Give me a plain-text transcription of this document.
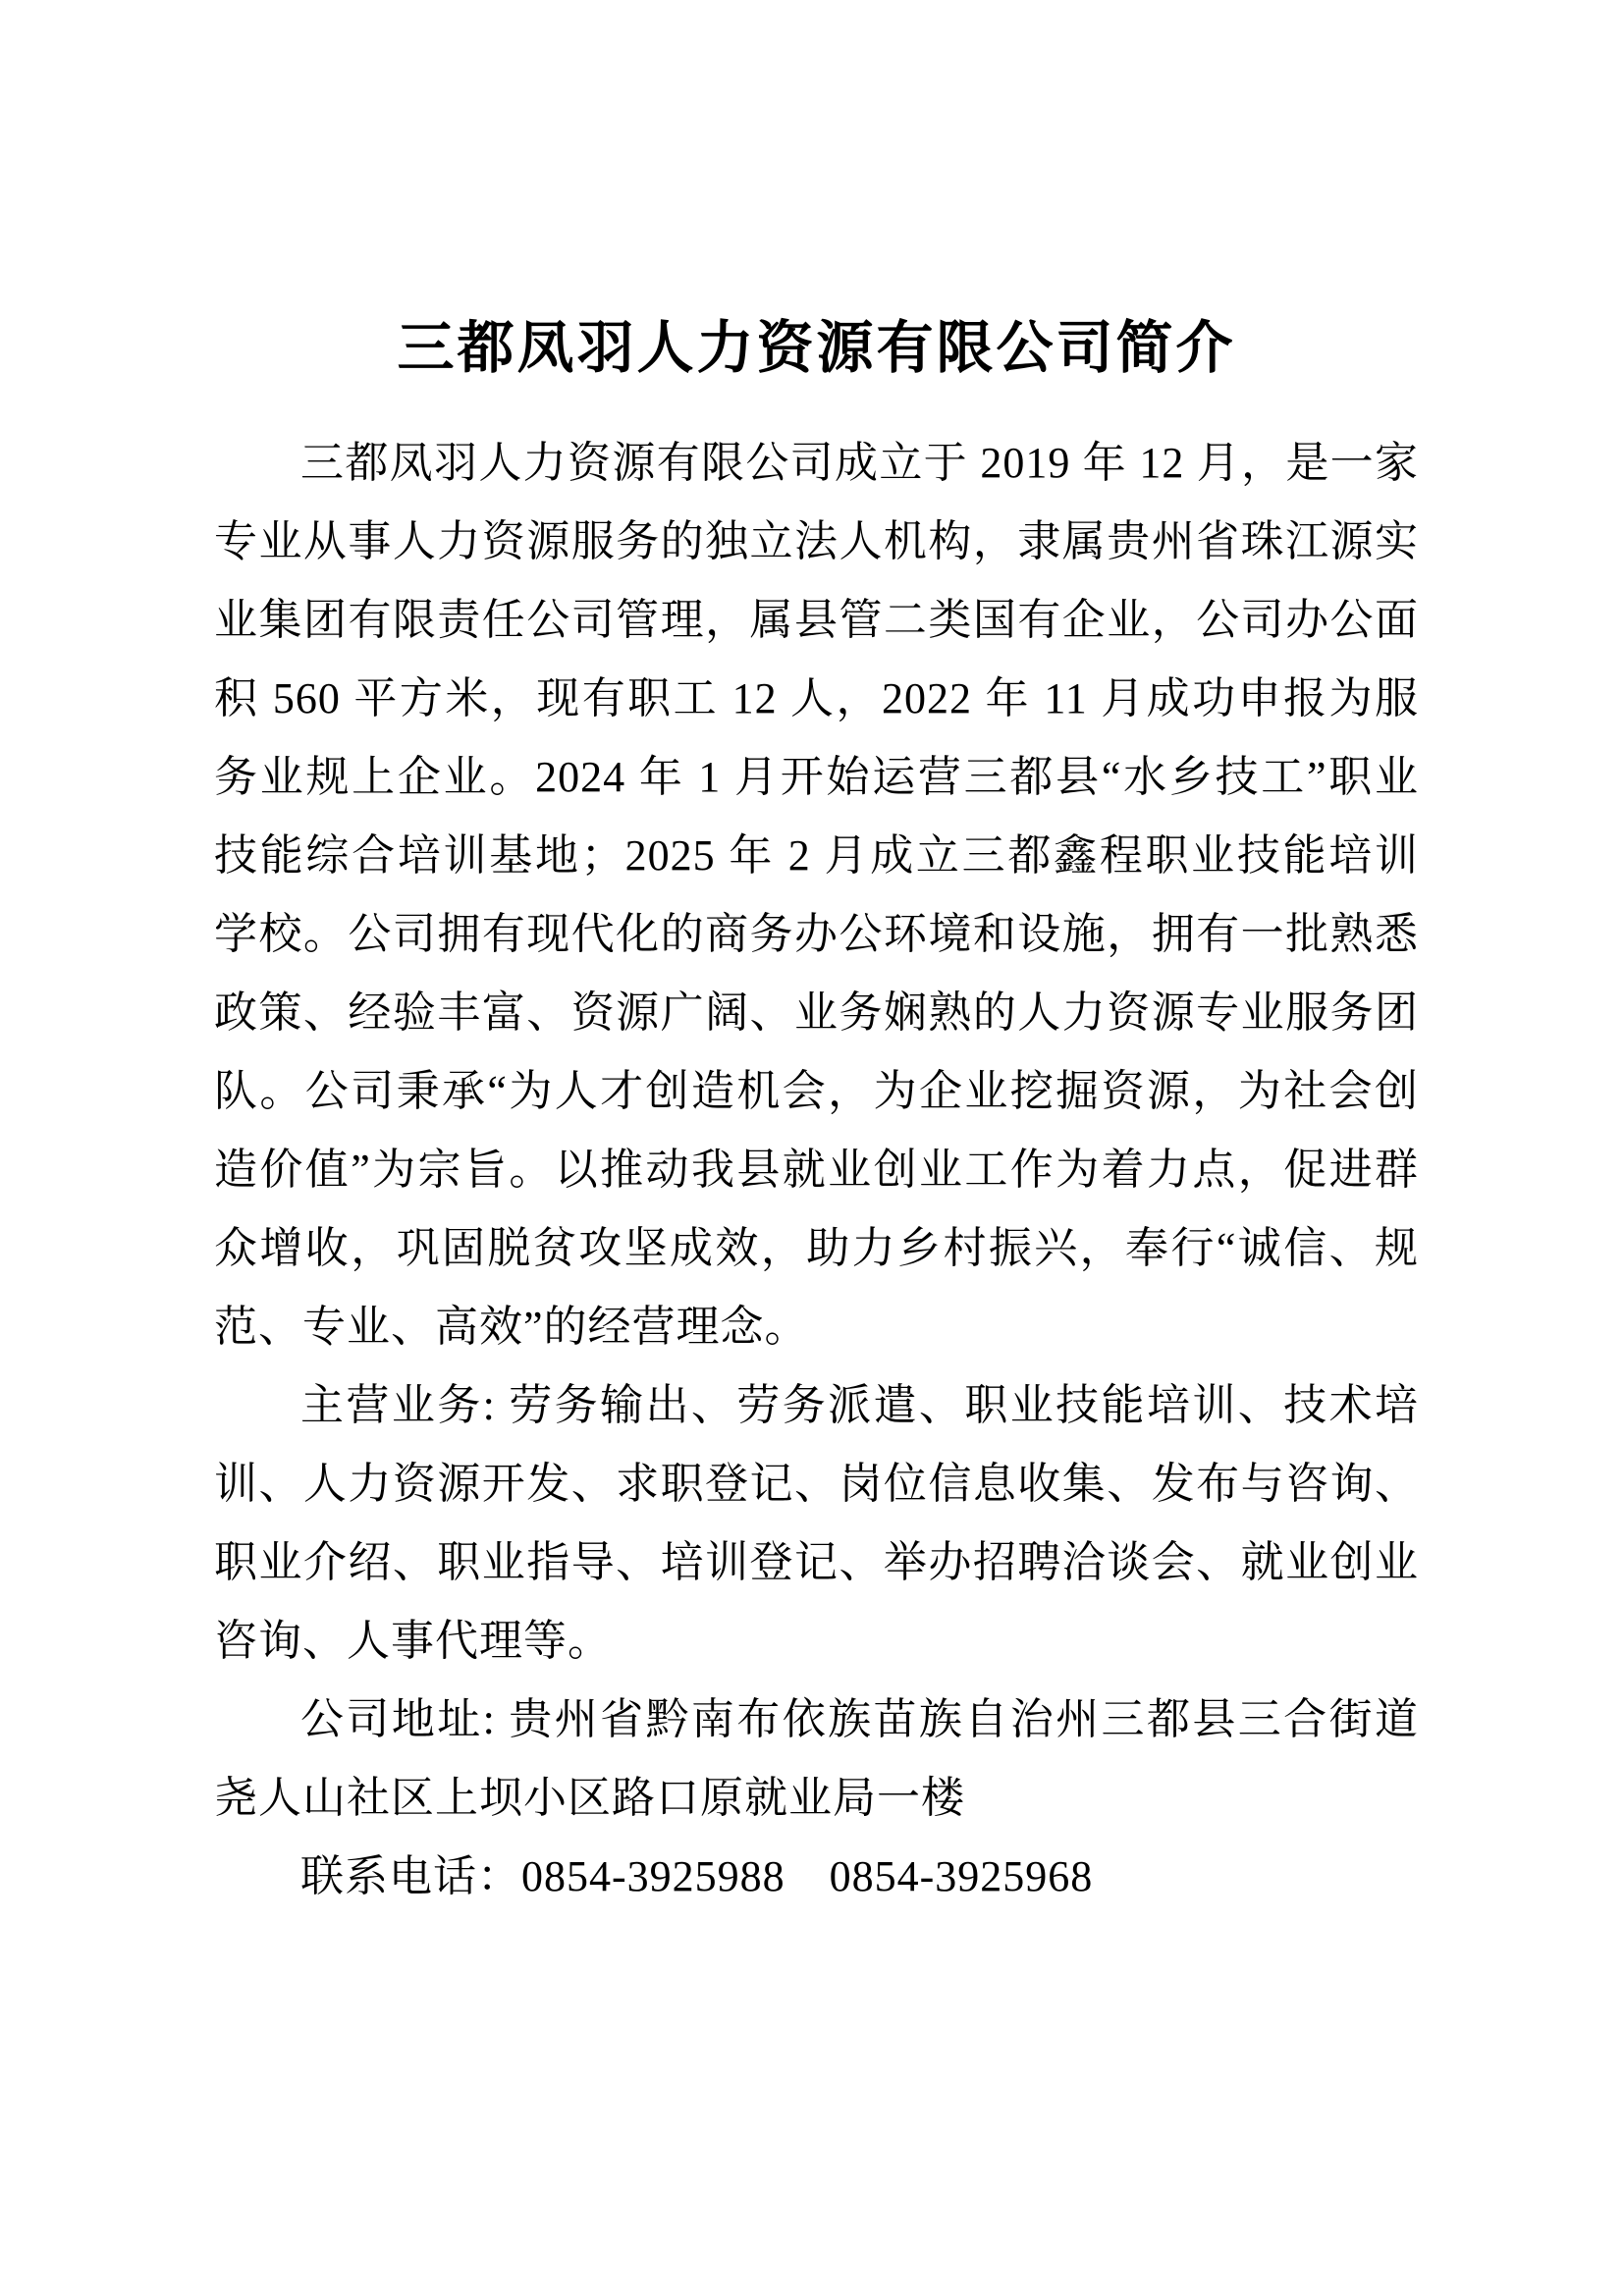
三都凤羽人力资源有限公司简介

三都凤羽人力资源有限公司成立于 2019 年 12 月，是一家专业从事人力资源服务的独立法人机构，隶属贵州省珠江源实业集团有限责任公司管理，属县管二类国有企业，公司办公面积 560 平方米，现有职工 12 人，2022 年 11 月成功申报为服务业规上企业。2024 年 1 月开始运营三都县“水乡技工”职业技能综合培训基地；2025 年 2 月成立三都鑫程职业技能培训学校。公司拥有现代化的商务办公环境和设施，拥有一批熟悉政策、经验丰富、资源广阔、业务娴熟的人力资源专业服务团队。公司秉承“为人才创造机会，为企业挖掘资源，为社会创造价值”为宗旨。以推动我县就业创业工作为着力点，促进群众增收，巩固脱贫攻坚成效，助力乡村振兴，奉行“诚信、规范、专业、高效”的经营理念。

主营业务: 劳务输出、劳务派遣、职业技能培训、技术培训、人力资源开发、求职登记、岗位信息收集、发布与咨询、职业介绍、职业指导、培训登记、举办招聘洽谈会、就业创业咨询、人事代理等。

公司地址: 贵州省黔南布依族苗族自治州三都县三合街道尧人山社区上坝小区路口原就业局一楼

联系电话：0854-3925988　0854-3925968
